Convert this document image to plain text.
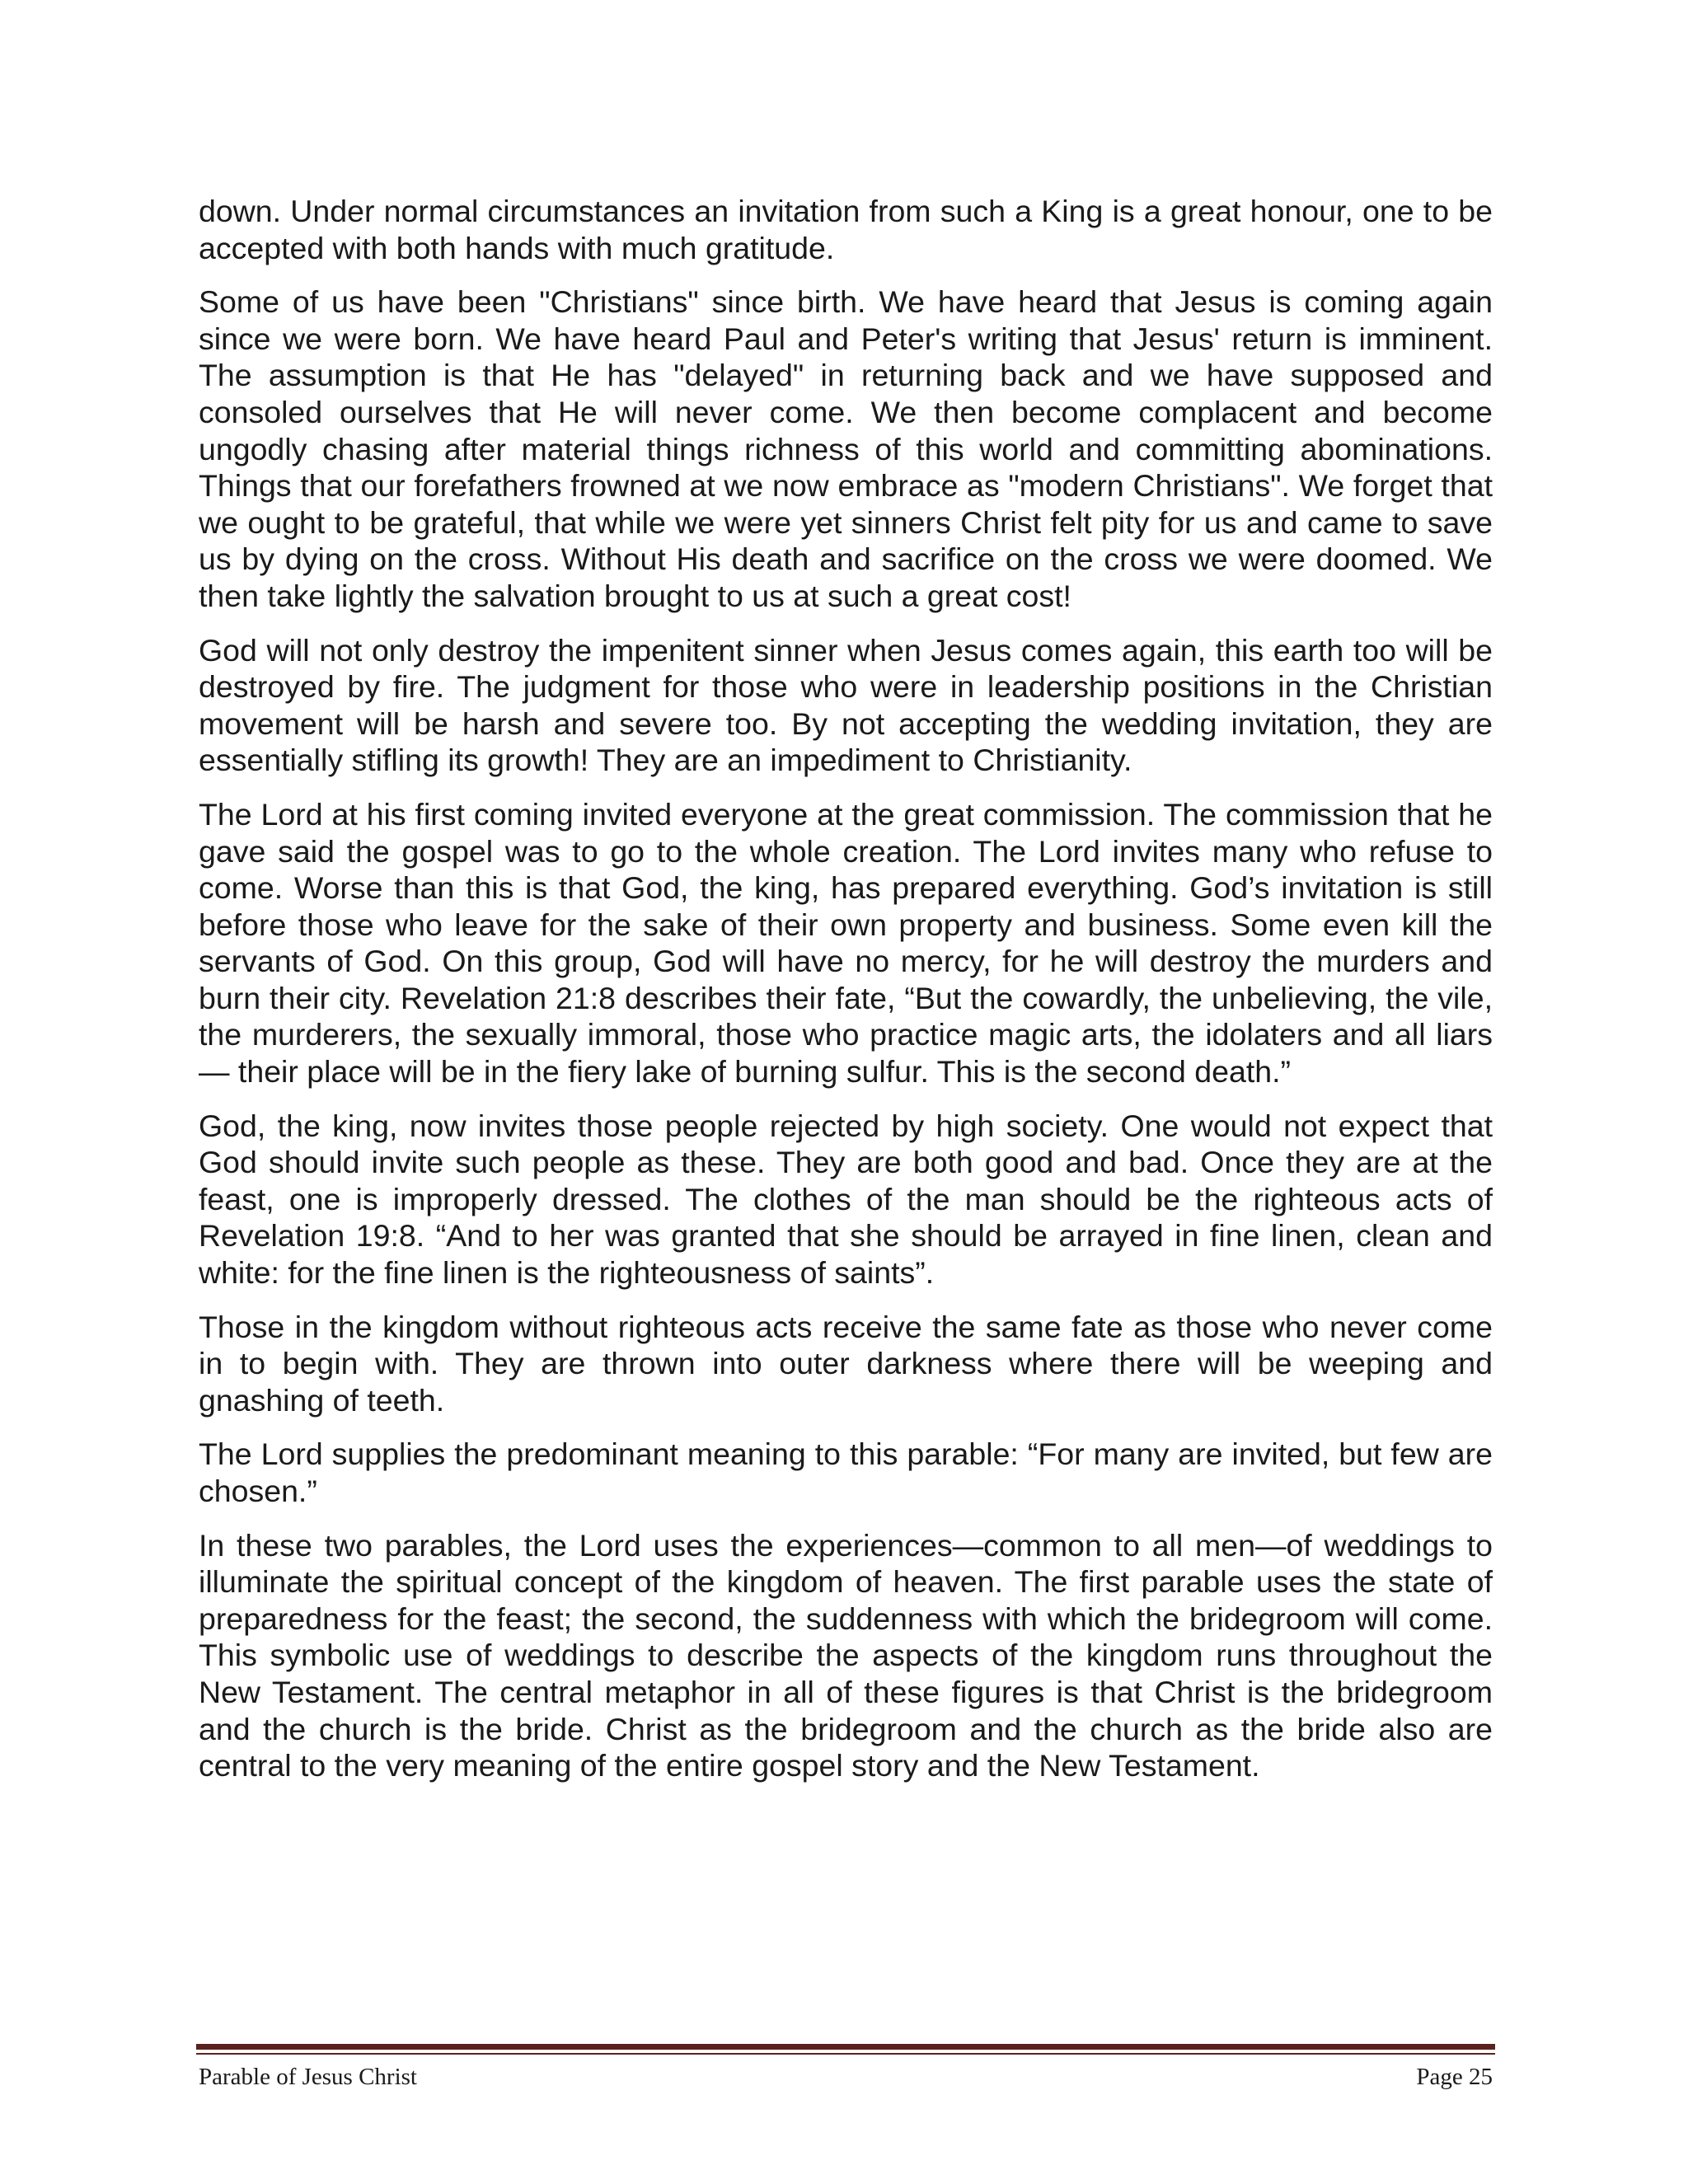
down. Under normal circumstances an invitation from such a King is a great honour, one to be accepted with both hands with much gratitude.

Some of us have been "Christians" since birth. We have heard that Jesus is coming again since we were born. We have heard Paul and Peter's writing that Jesus' return is imminent. The assumption is that He has "delayed" in returning back and we have supposed and consoled ourselves that He will never come. We then become complacent and become ungodly chasing after material things richness of this world and committing abominations. Things that our forefathers frowned at we now embrace as "modern Christians". We forget that we ought to be grateful, that while we were yet sinners Christ felt pity for us and came to save us by dying on the cross. Without His death and sacrifice on the cross we were doomed. We then take lightly the salvation brought to us at such a great cost!

God will not only destroy the impenitent sinner when Jesus comes again, this earth too will be destroyed by fire. The judgment for those who were in leadership positions in the Christian movement will be harsh and severe too. By not accepting the wedding invitation, they are essentially stifling its growth! They are an impediment to Christianity.

The Lord at his first coming invited everyone at the great commission. The commission that he gave said the gospel was to go to the whole creation. The Lord invites many who refuse to come. Worse than this is that God, the king, has prepared everything. God’s invitation is still before those who leave for the sake of their own property and business. Some even kill the servants of God. On this group, God will have no mercy, for he will destroy the murders and burn their city. Revelation 21:8 describes their fate, “But the cowardly, the unbelieving, the vile, the murderers, the sexually immoral, those who practice magic arts, the idolaters and all liars — their place will be in the fiery lake of burning sulfur. This is the second death.”

God, the king, now invites those people rejected by high society. One would not expect that God should invite such people as these. They are both good and bad. Once they are at the feast, one is improperly dressed. The clothes of the man should be the righteous acts of Revelation 19:8. “And to her was granted that she should be arrayed in fine linen, clean and white: for the fine linen is the righteousness of saints”.

Those in the kingdom without righteous acts receive the same fate as those who never come in to begin with. They are thrown into outer darkness where there will be weeping and gnashing of teeth.

The Lord supplies the predominant meaning to this parable: “For many are invited, but few are chosen.”

In these two parables, the Lord uses the experiences—common to all men—of weddings to illuminate the spiritual concept of the kingdom of heaven. The first parable uses the state of preparedness for the feast; the second, the suddenness with which the bridegroom will come. This symbolic use of weddings to describe the aspects of the kingdom runs throughout the New Testament. The central metaphor in all of these figures is that Christ is the bridegroom and the church is the bride. Christ as the bridegroom and the church as the bride also are central to the very meaning of the entire gospel story and the New Testament.

Parable of Jesus Christ	Page 25
